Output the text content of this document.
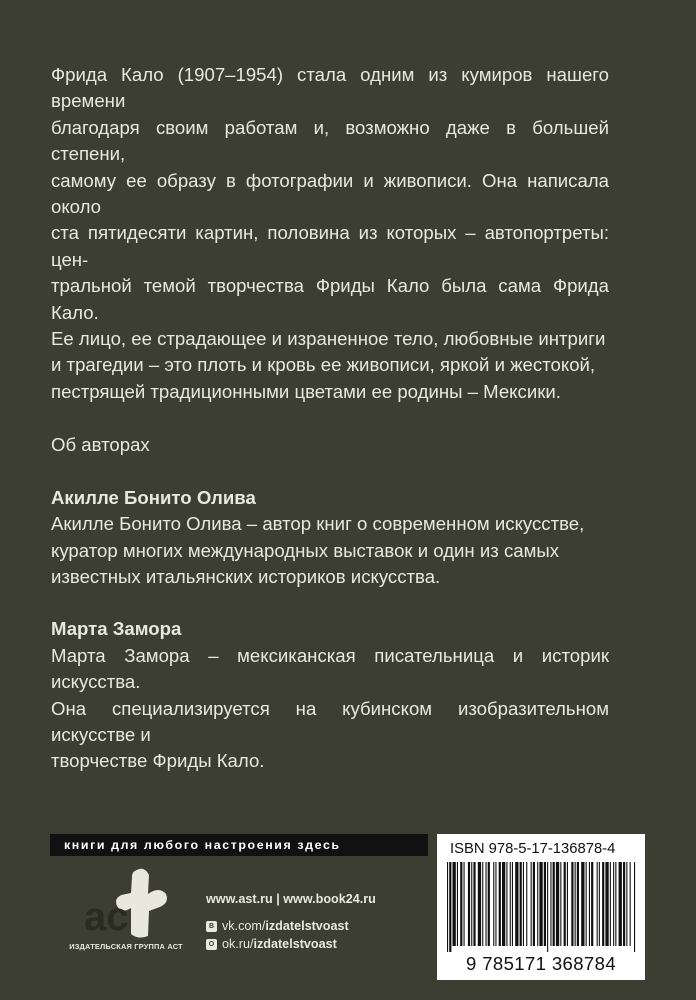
Фрида Кало (1907–1954) стала одним из кумиров нашего времени

благодаря своим работам и, возможно даже в большей степени,

самому ее образу в фотографии и живописи. Она написала около

ста пятидесяти картин, половина из которых – автопортреты: цен-

тральной темой творчества Фриды Кало была сама Фрида Кало.

Ее лицо, ее страдающее и израненное тело, любовные интриги

и трагедии – это плоть и кровь ее живописи, яркой и жестокой,

пестрящей традиционными цветами ее родины – Мексики.

Об авторах

Акилле Бонито Олива

Акилле Бонито Олива – автор книг о современном искусстве,

куратор многих международных выставок и один из самых

известных итальянских историков искусства.

Марта Замора

Марта Замора – мексиканская писательница и историк искусства.

Она специализируется на кубинском изобразительном искусстве и

творчестве Фриды Кало.

книги для любого настроения здесь
ас
ИЗДАТЕЛЬСКАЯ ГРУППА АСТ
www.ast.ru | www.book24.ru
В vk.com/ izdatelstvoast
О ok.ru/ izdatelstvoast
ISBN 978-5-17-136878-4
9 785171 368784
